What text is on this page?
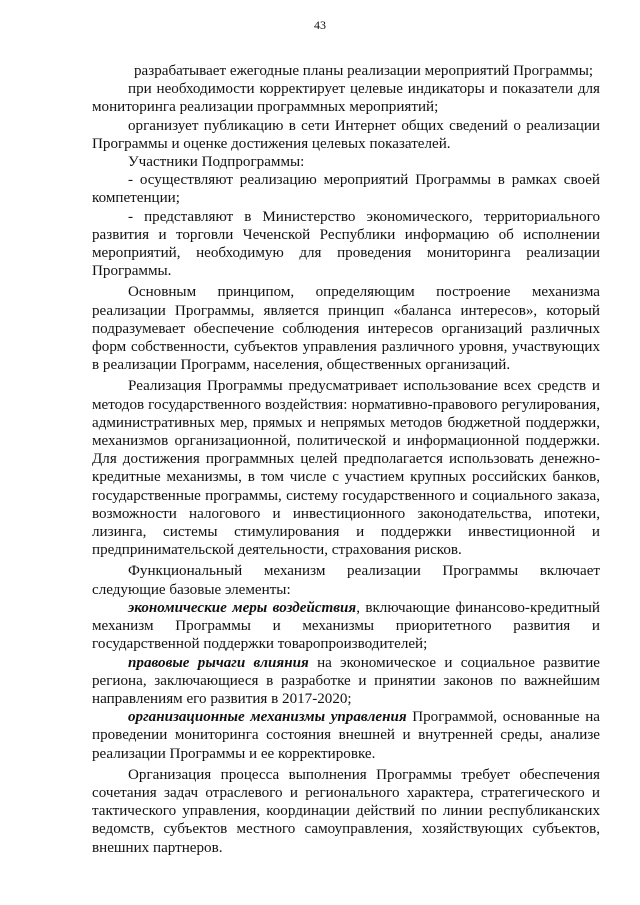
43

разрабатывает ежегодные планы реализации мероприятий Программы;

при необходимости корректирует целевые индикаторы и показатели для мониторинга реализации программных мероприятий;

организует публикацию в сети Интернет общих сведений о реализации Программы и оценке достижения целевых показателей.

Участники Подпрограммы:

- осуществляют реализацию мероприятий Программы в рамках своей компетенции;

- представляют в Министерство экономического, территориального развития и торговли Чеченской Республики информацию об исполнении мероприятий, необходимую для проведения мониторинга реализации Программы.

Основным принципом, определяющим построение механизма реализации Программы, является принцип «баланса интересов», который подразумевает обеспечение соблюдения интересов организаций различных форм собственности, субъектов управления различного уровня, участвующих в реализации Программ, населения, общественных организаций.

Реализация Программы предусматривает использование всех средств и методов государственного воздействия: нормативно-правового регулирования, административных мер, прямых и непрямых методов бюджетной поддержки, механизмов организационной, политической и информационной поддержки. Для достижения программных целей предполагается использовать денежно-кредитные механизмы, в том числе с участием крупных российских банков, государственные программы, систему государственного и социального заказа, возможности налогового и инвестиционного законодательства, ипотеки, лизинга, системы стимулирования и поддержки инвестиционной и предпринимательской деятельности, страхования рисков.

Функциональный механизм реализации Программы включает следующие базовые элементы:

экономические меры воздействия, включающие финансово-кредитный механизм Программы и механизмы приоритетного развития и государственной поддержки товаропроизводителей;

правовые рычаги влияния на экономическое и социальное развитие региона, заключающиеся в разработке и принятии законов по важнейшим направлениям его развития в 2017-2020;

организационные механизмы управления Программой, основанные на проведении мониторинга состояния внешней и внутренней среды, анализе реализации Программы и ее корректировке.

Организация процесса выполнения Программы требует обеспечения сочетания задач отраслевого и регионального характера, стратегического и тактического управления, координации действий по линии республиканских ведомств, субъектов местного самоуправления, хозяйствующих субъектов, внешних партнеров.
